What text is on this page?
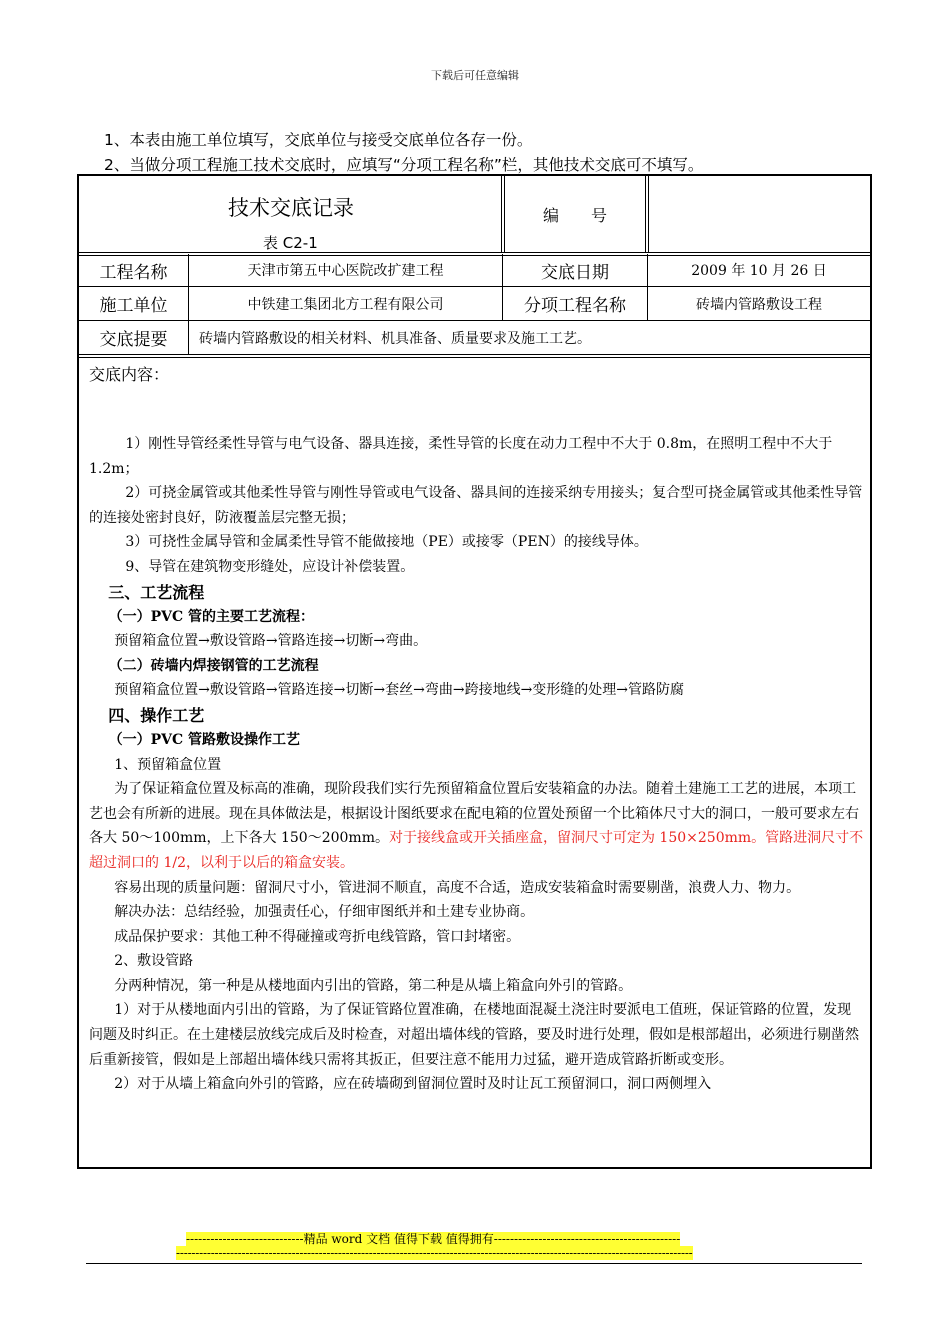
下载后可任意编辑
1、本表由施工单位填写，交底单位与接受交底单位各存一份。
2、当做分项工程施工技术交底时，应填写“分项工程名称”栏，其他技术交底可不填写。
技术交底记录
表 C2-1
编　　号
工程名称	天津市第五中心医院改扩建工程	交底日期	2009 年 10 月 26 日
施工单位	中铁建工集团北方工程有限公司	分项工程名称	砖墙内管路敷设工程
交底提要	砖墙内管路敷设的相关材料、机具准备、质量要求及施工工艺。
交底内容：

1）刚性导管经柔性导管与电气设备、器具连接，柔性导管的长度在动力工程中不大于 0.8m，在照明工程中不大于 1.2m；

2）可挠金属管或其他柔性导管与刚性导管或电气设备、器具间的连接采纳专用接头；复合型可挠金属管或其他柔性导管的连接处密封良好，防液覆盖层完整无损；

3）可挠性金属导管和金属柔性导管不能做接地（PE）或接零（PEN）的接线导体。

9、导管在建筑物变形缝处，应设计补偿装置。

三、工艺流程

（一）PVC 管的主要工艺流程：

预留箱盒位置→敷设管路→管路连接→切断→弯曲。

（二）砖墙内焊接钢管的工艺流程

预留箱盒位置→敷设管路→管路连接→切断→套丝→弯曲→跨接地线→变形缝的处理→管路防腐

四、操作工艺

（一）PVC 管路敷设操作工艺

1、预留箱盒位置

为了保证箱盒位置及标高的准确，现阶段我们实行先预留箱盒位置后安装箱盒的办法。随着土建施工工艺的进展，本项工艺也会有所新的进展。现在具体做法是，根据设计图纸要求在配电箱的位置处预留一个比箱体尺寸大的洞口，一般可要求左右各大 50～100mm，上下各大 150～200mm。对于接线盒或开关插座盒，留洞尺寸可定为 150×250mm。管路进洞尺寸不超过洞口的 1/2，以利于以后的箱盒安装。

容易出现的质量问题：留洞尺寸小，管进洞不顺直，高度不合适，造成安装箱盒时需要剔凿，浪费人力、物力。

解决办法：总结经验，加强责任心，仔细审图纸并和土建专业协商。

成品保护要求：其他工种不得碰撞或弯折电线管路，管口封堵密。

2、敷设管路

分两种情况，第一种是从楼地面内引出的管路，第二种是从墙上箱盒向外引的管路。

1）对于从楼地面内引出的管路，为了保证管路位置准确，在楼地面混凝土浇注时要派电工值班，保证管路的位置，发现问题及时纠正。在土建楼层放线完成后及时检查，对超出墙体线的管路，要及时进行处理，假如是根部超出，必须进行剔凿然后重新接管，假如是上部超出墙体线只需将其扳正，但要注意不能用力过猛，避开造成管路折断或变形。

2）对于从墙上箱盒向外引的管路，应在砖墙砌到留洞位置时及时让瓦工预留洞口，洞口两侧埋入

-----------------------------精品 word 文档 值得下载 值得拥有----------------------------------------------
--------------------------------------------------------------------------------------------------------------------------------------
